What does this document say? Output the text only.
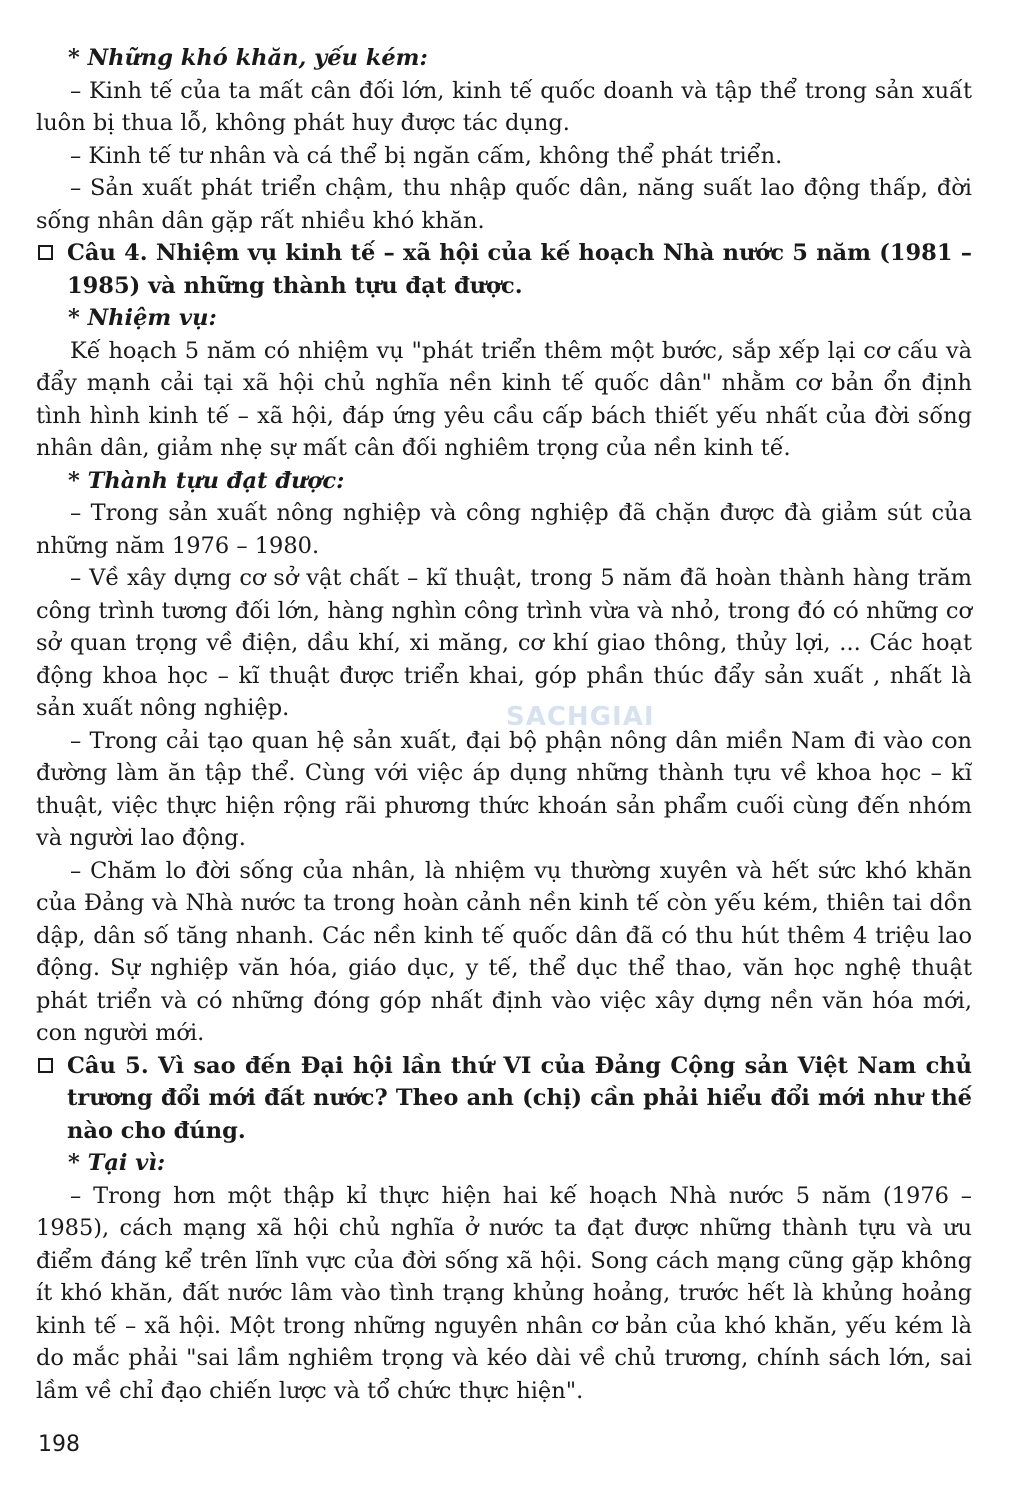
* Những khó khăn, yếu kém:

– Kinh tế của ta mất cân đối lớn, kinh tế quốc doanh và tập thể trong sản xuất luôn bị thua lỗ, không phát huy được tác dụng.

– Kinh tế tư nhân và cá thể bị ngăn cấm, không thể phát triển.

– Sản xuất phát triển chậm, thu nhập quốc dân, năng suất lao động thấp, đời sống nhân dân gặp rất nhiều khó khăn.

Câu 4. Nhiệm vụ kinh tế – xã hội của kế hoạch Nhà nước 5 năm (1981 – 1985) và những thành tựu đạt được.

* Nhiệm vụ:

Kế hoạch 5 năm có nhiệm vụ "phát triển thêm một bước, sắp xếp lại cơ cấu và đẩy mạnh cải tại xã hội chủ nghĩa nền kinh tế quốc dân" nhằm cơ bản ổn định tình hình kinh tế – xã hội, đáp ứng yêu cầu cấp bách thiết yếu nhất của đời sống nhân dân, giảm nhẹ sự mất cân đối nghiêm trọng của nền kinh tế.

* Thành tựu đạt được:

– Trong sản xuất nông nghiệp và công nghiệp đã chặn được đà giảm sút của những năm 1976 – 1980.

– Về xây dựng cơ sở vật chất – kĩ thuật, trong 5 năm đã hoàn thành hàng trăm công trình tương đối lớn, hàng nghìn công trình vừa và nhỏ, trong đó có những cơ sở quan trọng về điện, dầu khí, xi măng, cơ khí giao thông, thủy lợi, ... Các hoạt động khoa học – kĩ thuật được triển khai, góp phần thúc đẩy sản xuất , nhất là sản xuất nông nghiệp.

– Trong cải tạo quan hệ sản xuất, đại bộ phận nông dân miền Nam đi vào con đường làm ăn tập thể. Cùng với việc áp dụng những thành tựu về khoa học – kĩ thuật, việc thực hiện rộng rãi phương thức khoán sản phẩm cuối cùng đến nhóm và người lao động.

– Chăm lo đời sống của nhân, là nhiệm vụ thường xuyên và hết sức khó khăn của Đảng và Nhà nước ta trong hoàn cảnh nền kinh tế còn yếu kém, thiên tai dồn dập, dân số tăng nhanh. Các nền kinh tế quốc dân đã có thu hút thêm 4 triệu lao động. Sự nghiệp văn hóa, giáo dục, y tế, thể dục thể thao, văn học nghệ thuật phát triển và có những đóng góp nhất định vào việc xây dựng nền văn hóa mới, con người mới.

Câu 5. Vì sao đến Đại hội lần thứ VI của Đảng Cộng sản Việt Nam chủ trương đổi mới đất nước? Theo anh (chị) cần phải hiểu đổi mới như thế nào cho đúng.

* Tại vì:

– Trong hơn một thập kỉ thực hiện hai kế hoạch Nhà nước 5 năm (1976 – 1985), cách mạng xã hội chủ nghĩa ở nước ta đạt được những thành tựu và ưu điểm đáng kể trên lĩnh vực của đời sống xã hội. Song cách mạng cũng gặp không ít khó khăn, đất nước lâm vào tình trạng khủng hoảng, trước hết là khủng hoảng kinh tế – xã hội. Một trong những nguyên nhân cơ bản của khó khăn, yếu kém là do mắc phải "sai lầm nghiêm trọng và kéo dài về chủ trương, chính sách lớn, sai lầm về chỉ đạo chiến lược và tổ chức thực hiện".

SACHGIAI
198
